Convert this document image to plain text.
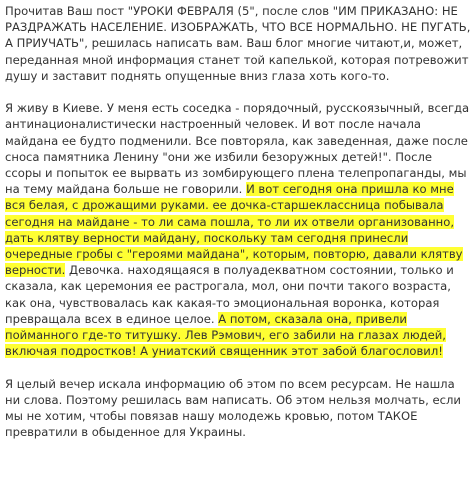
Прочитав Ваш пост "УРОКИ ФЕВРАЛЯ (5", после слов "ИМ ПРИКАЗАНО: НЕ РАЗДРАЖАТЬ НАСЕЛЕНИЕ. ИЗОБРАЖАТЬ, ЧТО ВСЕ НОРМАЛЬНО. НЕ ПУГАТЬ, А ПРИУЧАТЬ", решилась написать вам. Ваш блог многие читают,и, может, переданная мной информация станет той капелькой, которая потревожит душу и заставит поднять опущенные вниз глаза хоть кого-то.

Я живу в Киеве. У меня есть соседка - порядочный, русскоязычный, всегда антинационалистически настроенный человек. И вот после начала майдана ее будто подменили. Все повторяла, как заведенная, даже после сноса памятника Ленину "они же избили безоружных детей!". После ссоры и попыток ее вырвать из зомбирующего плена телепропаганды, мы на тему майдана больше не говорили. И вот сегодня она пришла ко мне вся белая, с дрожащими руками. ее дочка-старшеклассница побывала сегодня на майдане - то ли сама пошла, то ли их отвели организованно, дать клятву верности майдану, поскольку там сегодня принесли очередные гробы с "героями майдана", которым, повторю, давали клятву верности. Девочка. находящаяся в полуадекватном состоянии, только и сказала, как церемония ее растрогала, мол, они почти такого возраста, как она, чувствовалась как какая-то эмоциональная воронка, которая превращала всех в единое целое. А потом, сказала она, привели пойманного где-то титушку. Лев Рэмович, его забили на глазах людей, включая подростков! А униатский священник этот забой благословил!

Я целый вечер искала информацию об этом по всем ресурсам. Не нашла ни слова. Поэтому решилась вам написать. Об этом нельзя молчать, если мы не хотим, чтобы повязав нашу молодежь кровью, потом ТАКОЕ превратили в обыденное для Украины.
